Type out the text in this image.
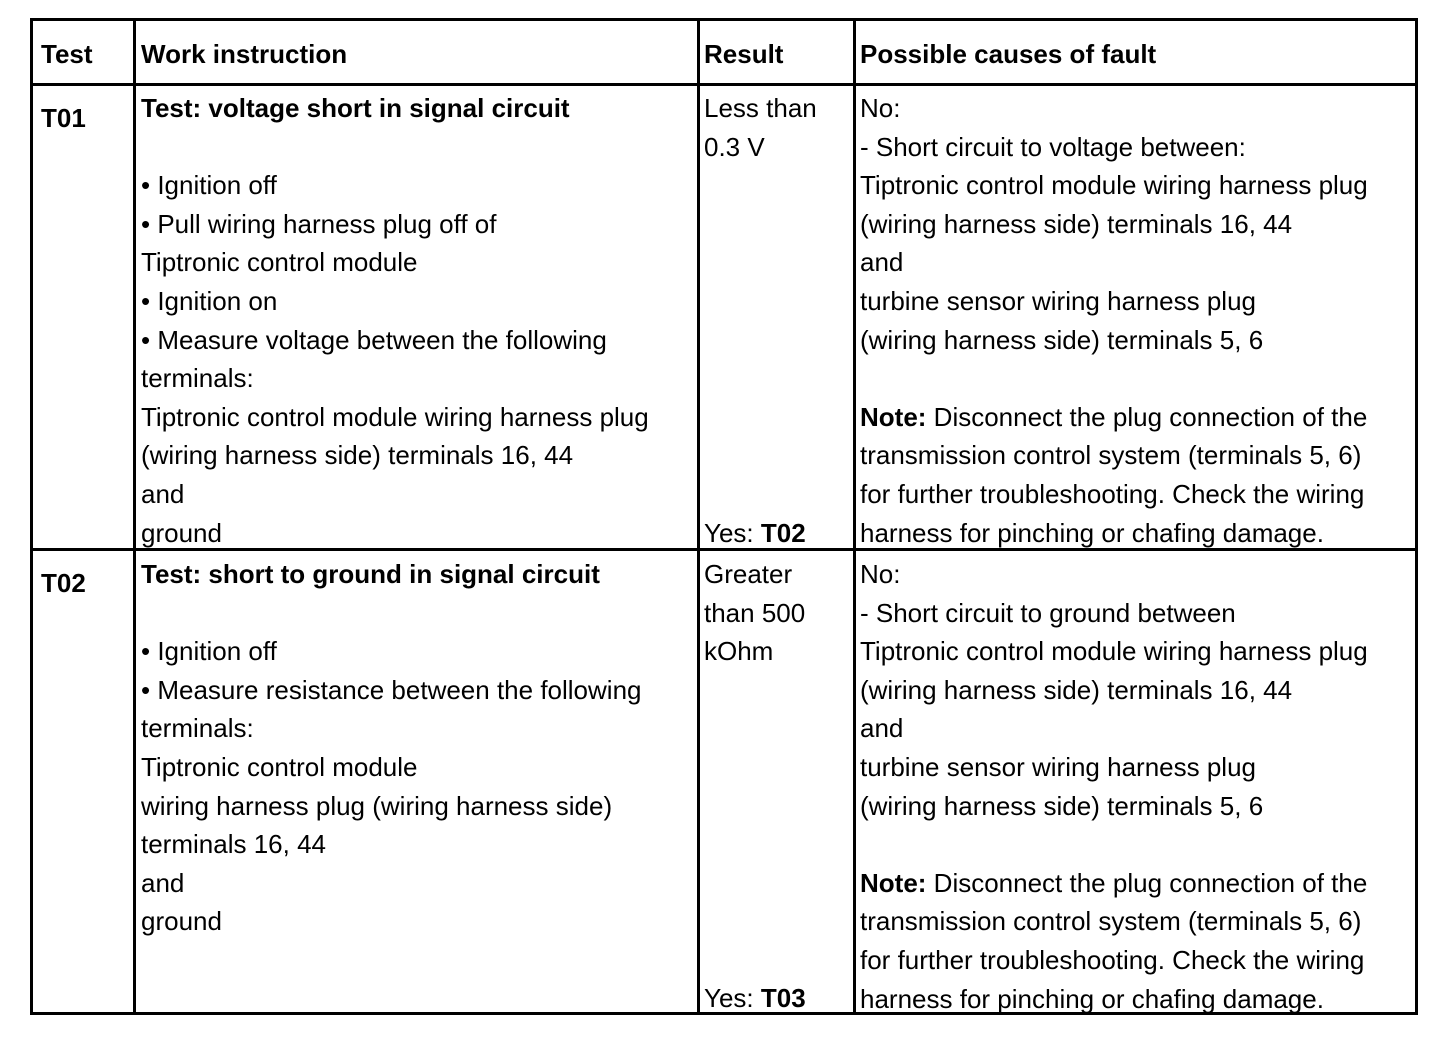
Test Work instruction	Result	Possible causes of fault
T01 Test: voltage short in signal circuit
• Ignition off
• Pull wiring harness plug off of
Tiptronic control module
• Ignition on
• Measure voltage between the following
terminals:
Tiptronic control module wiring harness plug
(wiring harness side) terminals 16, 44
and
ground
Less than
0.3 V
Yes: T02
No:
- Short circuit to voltage between:
Tiptronic control module wiring harness plug
(wiring harness side) terminals 16, 44
and
turbine sensor wiring harness plug
(wiring harness side) terminals 5, 6
Note: Disconnect the plug connection of the
transmission control system (terminals 5, 6)
for further troubleshooting. Check the wiring
harness for pinching or chafing damage.
T02 Test: short to ground in signal circuit
• Ignition off
• Measure resistance between the following
terminals:
Tiptronic control module
wiring harness plug (wiring harness side)
terminals 16, 44
and
ground
Greater
than 500
kOhm
Yes: T03
No:
- Short circuit to ground between
Tiptronic control module wiring harness plug
(wiring harness side) terminals 16, 44
and
turbine sensor wiring harness plug
(wiring harness side) terminals 5, 6
Note: Disconnect the plug connection of the
transmission control system (terminals 5, 6)
for further troubleshooting. Check the wiring
harness for pinching or chafing damage.
